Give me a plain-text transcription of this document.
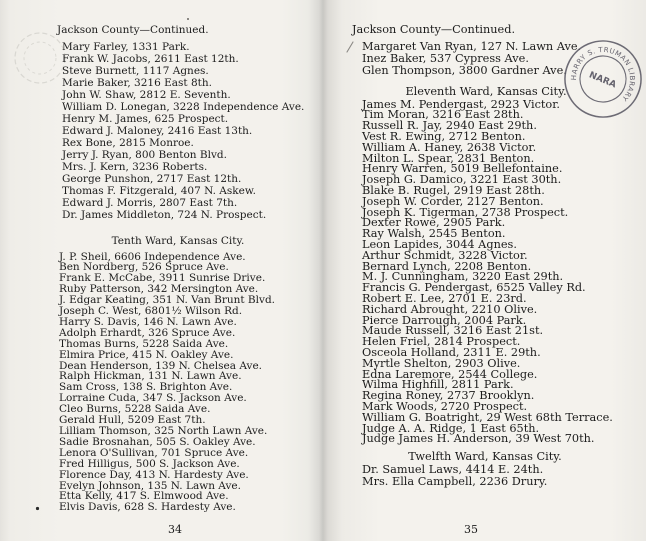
Jackson County—Continued.
Mary Farley, 1331 Park.
Frank W. Jacobs, 2611 East 12th.
Steve Burnett, 1117 Agnes.
Marie Baker, 3216 East 8th.
John W. Shaw, 2812 E. Seventh.
William D. Lonegan, 3228 Independence Ave.
Henry M. James, 625 Prospect.
Edward J. Maloney, 2416 East 13th.
Rex Bone, 2815 Monroe.
Jerry J. Ryan, 800 Benton Blvd.
Mrs. J. Kern, 3236 Roberts.
George Punshon, 2717 East 12th.
Thomas F. Fitzgerald, 407 N. Askew.
Edward J. Morris, 2807 East 7th.
Dr. James Middleton, 724 N. Prospect.
Tenth Ward, Kansas City.
J. P. Sheil, 6606 Independence Ave.
Ben Nordberg, 526 Spruce Ave.
Frank E. McCabe, 3911 Sunrise Drive.
Ruby Patterson, 342 Mersington Ave.
J. Edgar Keating, 351 N. Van Brunt Blvd.
Joseph C. West, 6801½ Wilson Rd.
Harry S. Davis, 146 N. Lawn Ave.
Adolph Erhardt, 326 Spruce Ave.
Thomas Burns, 5228 Saida Ave.
Elmira Price, 415 N. Oakley Ave.
Dean Henderson, 139 N. Chelsea Ave.
Ralph Hickman, 131 N. Lawn Ave.
Sam Cross, 138 S. Brighton Ave.
Lorraine Cuda, 347 S. Jackson Ave.
Cleo Burns, 5228 Saida Ave.
Gerald Hull, 5209 East 7th.
Lilliam Thomson, 325 North Lawn Ave.
Sadie Brosnahan, 505 S. Oakley Ave.
Lenora O'Sullivan, 701 Spruce Ave.
Fred Hilligus, 500 S. Jackson Ave.
Florence Day, 413 N. Hardesty Ave.
Evelyn Johnson, 135 N. Lawn Ave.
Etta Kelly, 417 S. Elmwood Ave.
Elvis Davis, 628 S. Hardesty Ave.
34
Jackson County—Continued.
Margaret Van Ryan, 127 N. Lawn Ave.
Inez Baker, 537 Cypress Ave.
Glen Thompson, 3800 Gardner Ave.
HARRY S. TRUMAN LIBRARY
NARA
Eleventh Ward, Kansas City.
James M. Pendergast, 2923 Victor.
Tim Moran, 3216 East 28th.
Russell R. Jay, 2940 East 29th.
Vest R. Ewing, 2712 Benton.
William A. Haney, 2638 Victor.
Milton L. Spear, 2831 Benton.
Henry Warren, 5019 Bellefontaine.
Joseph G. Damico, 3221 East 30th.
Blake B. Rugel, 2919 East 28th.
Joseph W. Corder, 2127 Benton.
Joseph K. Tigerman, 2738 Prospect.
Dexter Rowe, 2905 Park.
Ray Walsh, 2545 Benton.
Leon Lapides, 3044 Agnes.
Arthur Schmidt, 3228 Victor.
Bernard Lynch, 2208 Benton.
M. J. Cunningham, 3220 East 29th.
Francis G. Pendergast, 6525 Valley Rd.
Robert E. Lee, 2701 E. 23rd.
Richard Abrought, 2210 Olive.
Pierce Darrough, 2004 Park.
Maude Russell, 3216 East 21st.
Helen Friel, 2814 Prospect.
Osceola Holland, 2311 E. 29th.
Myrtle Shelton, 2903 Olive.
Edna Laremore, 2544 College.
Wilma Highfill, 2811 Park.
Regina Roney, 2737 Brooklyn.
Mark Woods, 2720 Prospect.
William G. Boatright, 29 West 68th Terrace.
Judge A. A. Ridge, 1 East 65th.
Judge James H. Anderson, 39 West 70th.
Twelfth Ward, Kansas City.
Dr. Samuel Laws, 4414 E. 24th.
Mrs. Ella Campbell, 2236 Drury.
35
